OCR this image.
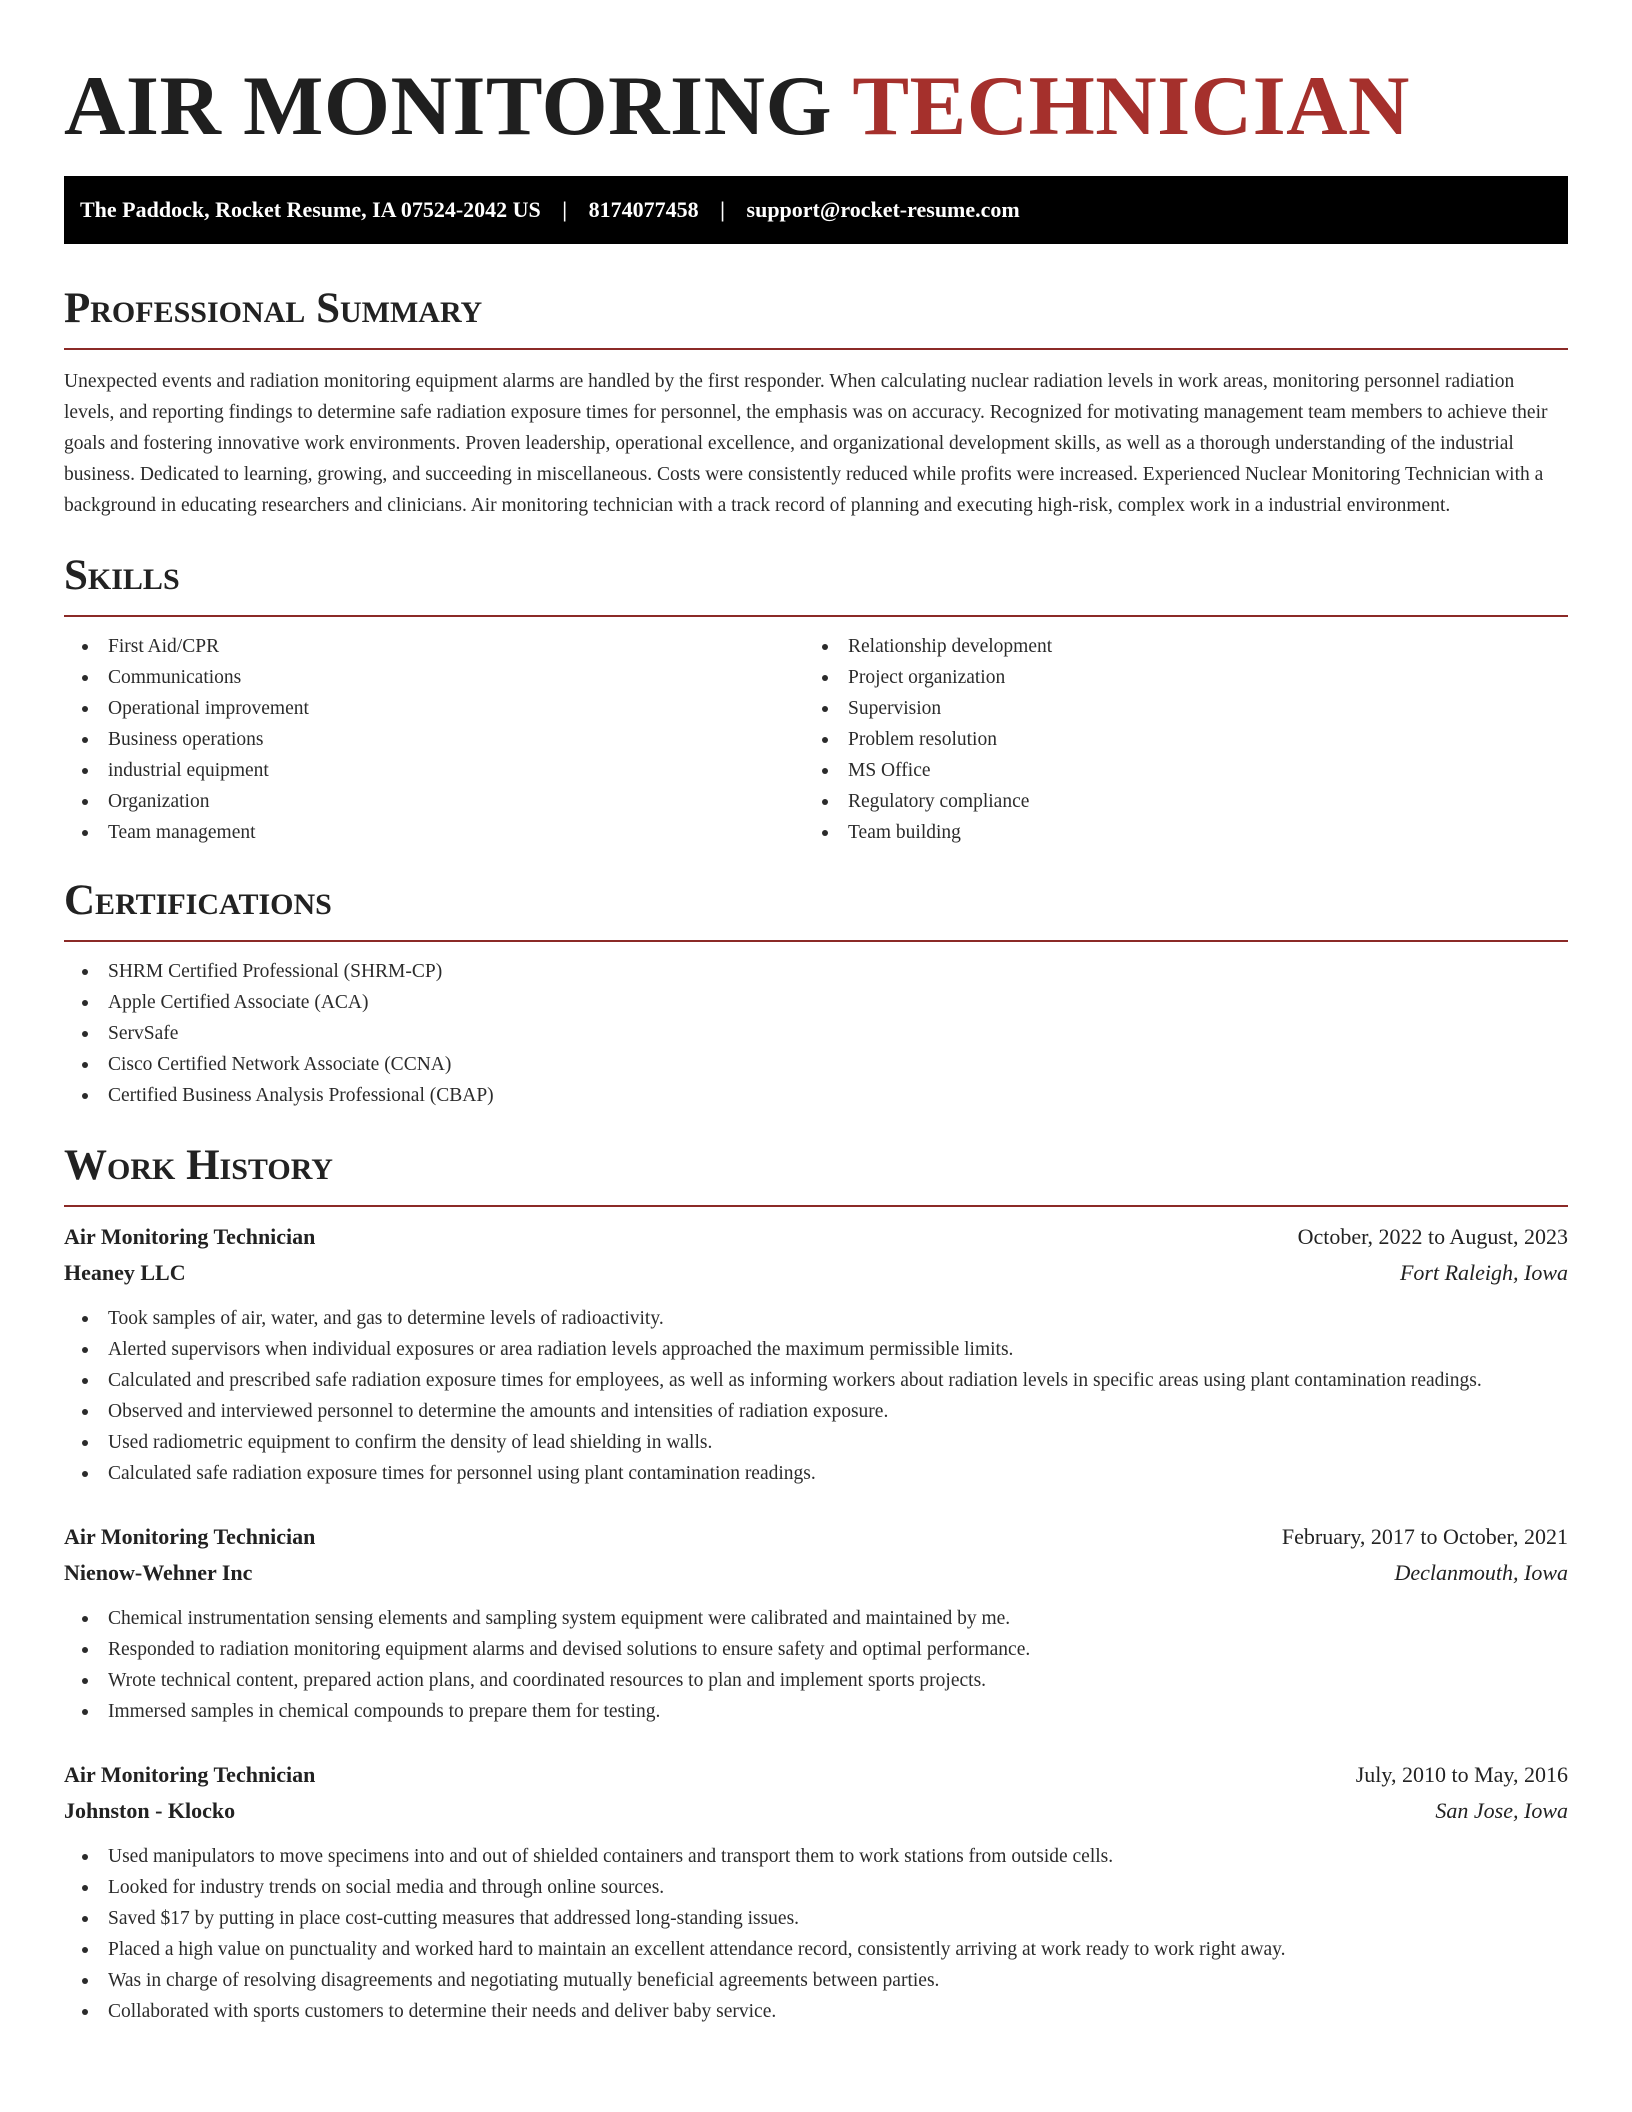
AIR MONITORING TECHNICIAN
The Paddock, Rocket Resume, IA 07524-2042 US | 8174077458 | support@rocket-resume.com
Professional Summary

Unexpected events and radiation monitoring equipment alarms are handled by the first responder. When calculating nuclear radiation levels in work areas, monitoring personnel radiation levels, and reporting findings to determine safe radiation exposure times for personnel, the emphasis was on accuracy. Recognized for motivating management team members to achieve their goals and fostering innovative work environments. Proven leadership, operational excellence, and organizational development skills, as well as a thorough understanding of the industrial business. Dedicated to learning, growing, and succeeding in miscellaneous. Costs were consistently reduced while profits were increased. Experienced Nuclear Monitoring Technician with a background in educating researchers and clinicians. Air monitoring technician with a track record of planning and executing high-risk, complex work in a industrial environment.

Skills
First Aid/CPR
Communications
Operational improvement
Business operations
industrial equipment
Organization
Team management
Relationship development
Project organization
Supervision
Problem resolution
MS Office
Regulatory compliance
Team building
Certifications
SHRM Certified Professional (SHRM-CP)
Apple Certified Associate (ACA)
ServSafe
Cisco Certified Network Associate (CCNA)
Certified Business Analysis Professional (CBAP)
Work History
Air Monitoring Technician	October, 2022 to August, 2023
Heaney LLC	Fort Raleigh, Iowa
Took samples of air, water, and gas to determine levels of radioactivity.
Alerted supervisors when individual exposures or area radiation levels approached the maximum permissible limits.
Calculated and prescribed safe radiation exposure times for employees, as well as informing workers about radiation levels in specific areas using plant contamination readings.
Observed and interviewed personnel to determine the amounts and intensities of radiation exposure.
Used radiometric equipment to confirm the density of lead shielding in walls.
Calculated safe radiation exposure times for personnel using plant contamination readings.
Air Monitoring Technician	February, 2017 to October, 2021
Nienow-Wehner Inc	Declanmouth, Iowa
Chemical instrumentation sensing elements and sampling system equipment were calibrated and maintained by me.
Responded to radiation monitoring equipment alarms and devised solutions to ensure safety and optimal performance.
Wrote technical content, prepared action plans, and coordinated resources to plan and implement sports projects.
Immersed samples in chemical compounds to prepare them for testing.
Air Monitoring Technician	July, 2010 to May, 2016
Johnston - Klocko	San Jose, Iowa
Used manipulators to move specimens into and out of shielded containers and transport them to work stations from outside cells.
Looked for industry trends on social media and through online sources.
Saved $17 by putting in place cost-cutting measures that addressed long-standing issues.
Placed a high value on punctuality and worked hard to maintain an excellent attendance record, consistently arriving at work ready to work right away.
Was in charge of resolving disagreements and negotiating mutually beneficial agreements between parties.
Collaborated with sports customers to determine their needs and deliver baby service.
